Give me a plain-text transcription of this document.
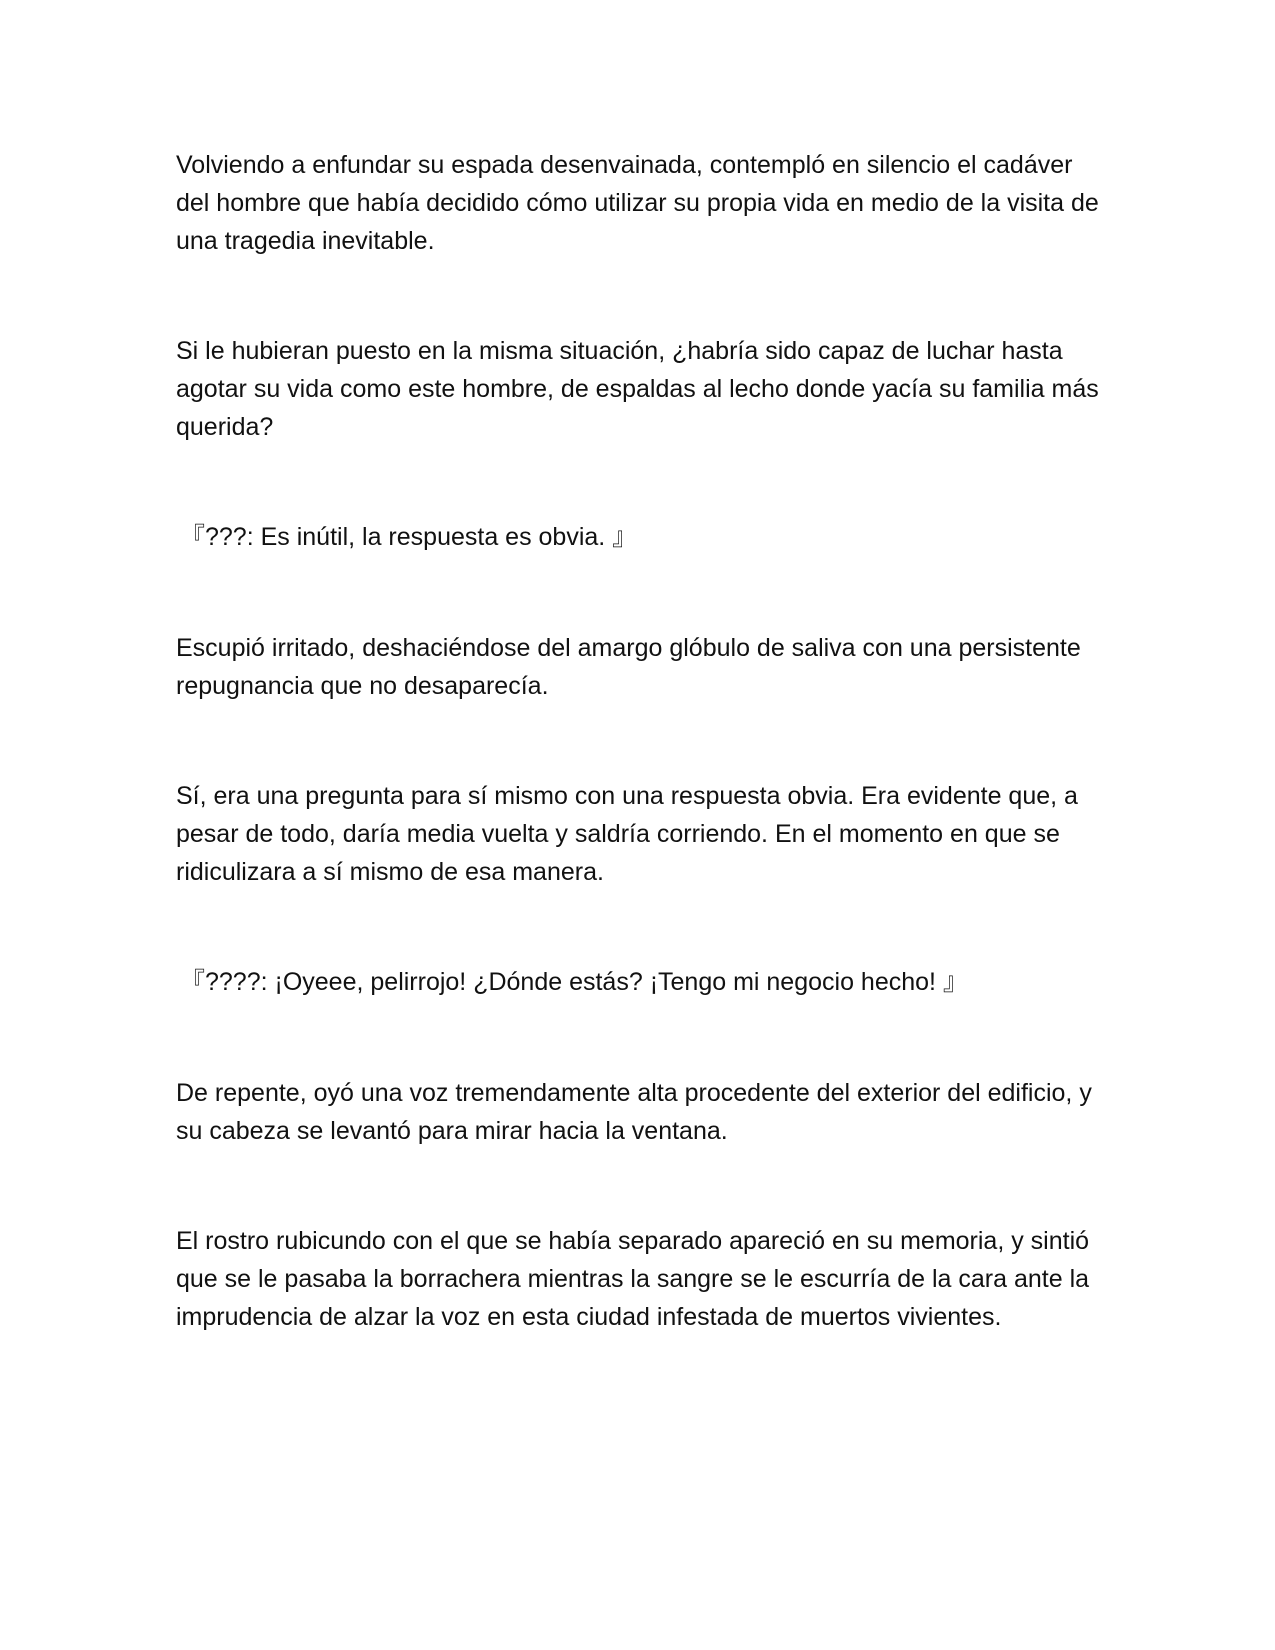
Volviendo a enfundar su espada desenvainada, contempló en silencio el cadáver del hombre que había decidido cómo utilizar su propia vida en medio de la visita de una tragedia inevitable.

Si le hubieran puesto en la misma situación, ¿habría sido capaz de luchar hasta agotar su vida como este hombre, de espaldas al lecho donde yacía su familia más querida?

『???: Es inútil, la respuesta es obvia. 』

Escupió irritado, deshaciéndose del amargo glóbulo de saliva con una persistente repugnancia que no desaparecía.

Sí, era una pregunta para sí mismo con una respuesta obvia. Era evidente que, a pesar de todo, daría media vuelta y saldría corriendo. En el momento en que se ridiculizara a sí mismo de esa manera.

『????: ¡Oyeee, pelirrojo! ¿Dónde estás? ¡Tengo mi negocio hecho! 』

De repente, oyó una voz tremendamente alta procedente del exterior del edificio, y su cabeza se levantó para mirar hacia la ventana.

El rostro rubicundo con el que se había separado apareció en su memoria, y sintió que se le pasaba la borrachera mientras la sangre se le escurría de la cara ante la imprudencia de alzar la voz en esta ciudad infestada de muertos vivientes.
